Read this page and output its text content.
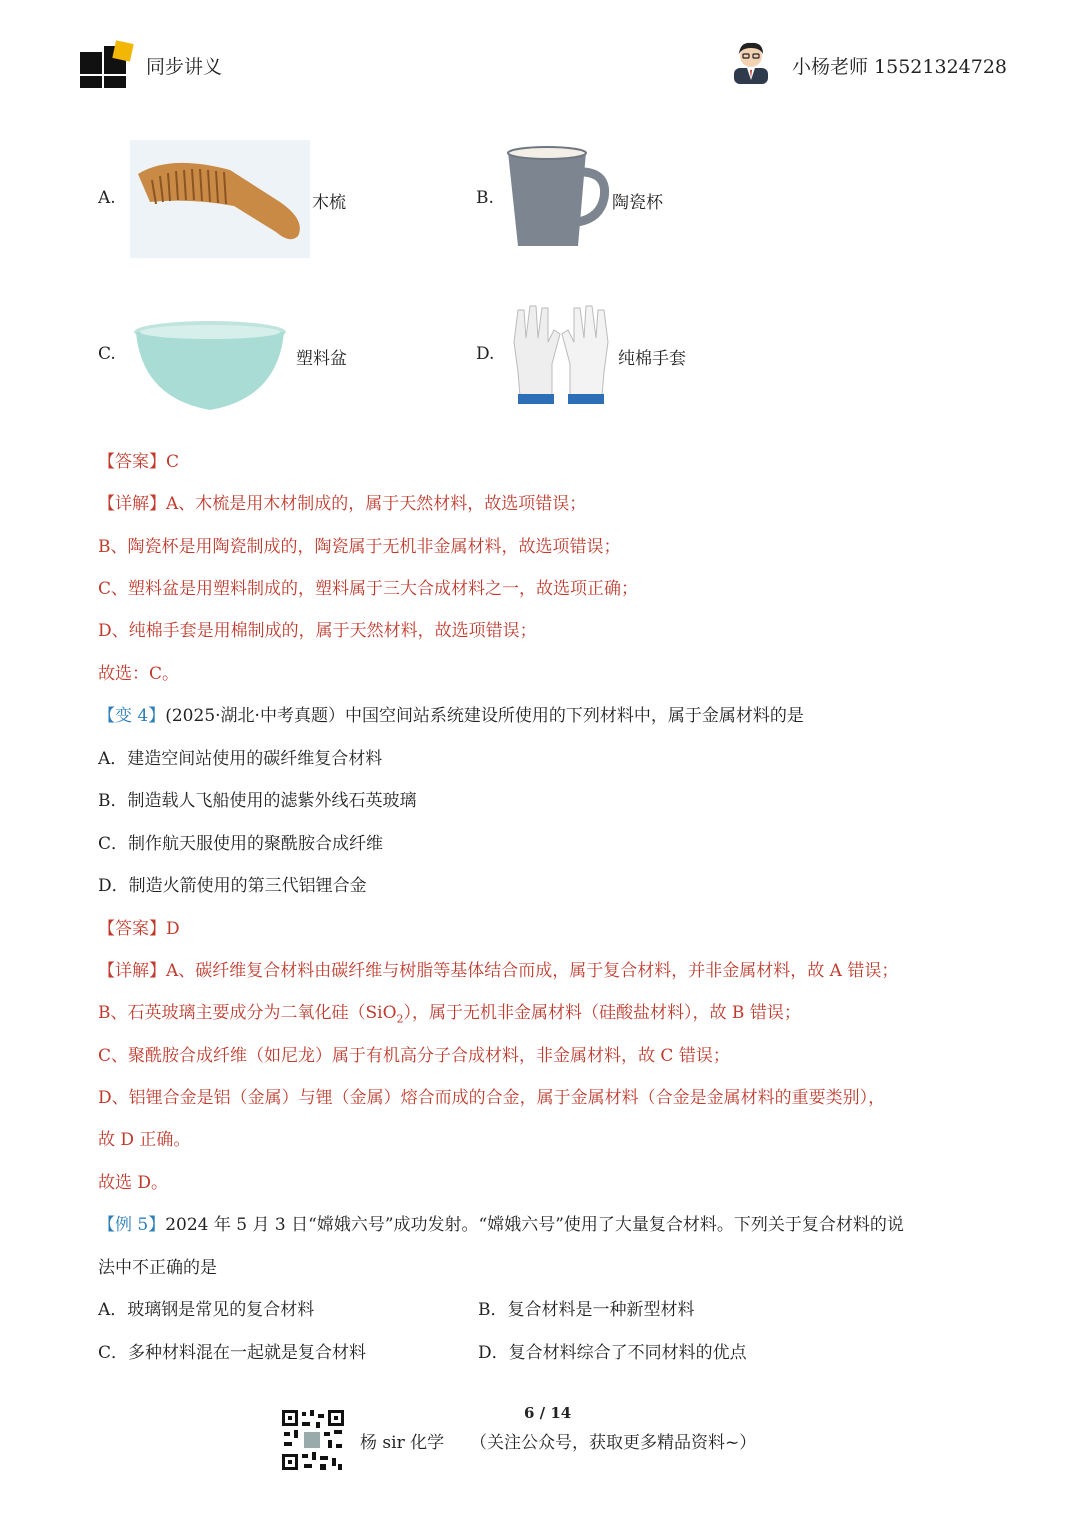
同步讲义	小杨老师 15521324728
A.	木梳	B.	陶瓷杯
C.	塑料盆	D.	纯棉手套
【答案】C
【详解】A、木梳是用木材制成的，属于天然材料，故选项错误；
B、陶瓷杯是用陶瓷制成的，陶瓷属于无机非金属材料，故选项错误；
C、塑料盆是用塑料制成的，塑料属于三大合成材料之一，故选项正确；
D、纯棉手套是用棉制成的，属于天然材料，故选项错误；
故选：C。
【变 4】(2025·湖北·中考真题）中国空间站系统建设所使用的下列材料中，属于金属材料的是
A．建造空间站使用的碳纤维复合材料
B．制造载人飞船使用的滤紫外线石英玻璃
C．制作航天服使用的聚酰胺合成纤维
D．制造火箭使用的第三代铝锂合金
【答案】D
【详解】A、碳纤维复合材料由碳纤维与树脂等基体结合而成，属于复合材料，并非金属材料，故 A 错误；
B、石英玻璃主要成分为二氧化硅（SiO$_2$），属于无机非金属材料（硅酸盐材料），故 B 错误；
C、聚酰胺合成纤维（如尼龙）属于有机高分子合成材料，非金属材料，故 C 错误；
D、铝锂合金是铝（金属）与锂（金属）熔合而成的合金，属于金属材料（合金是金属材料的重要类别），
故 D 正确。
故选 D。
【例 5】2024 年 5 月 3 日“嫦娥六号”成功发射。“嫦娥六号”使用了大量复合材料。下列关于复合材料的说
法中不正确的是
A．玻璃钢是常见的复合材料	B．复合材料是一种新型材料
C．多种材料混在一起就是复合材料	D．复合材料综合了不同材料的优点
6 / 14
杨 sir 化学 （关注公众号，获取更多精品资料~）
